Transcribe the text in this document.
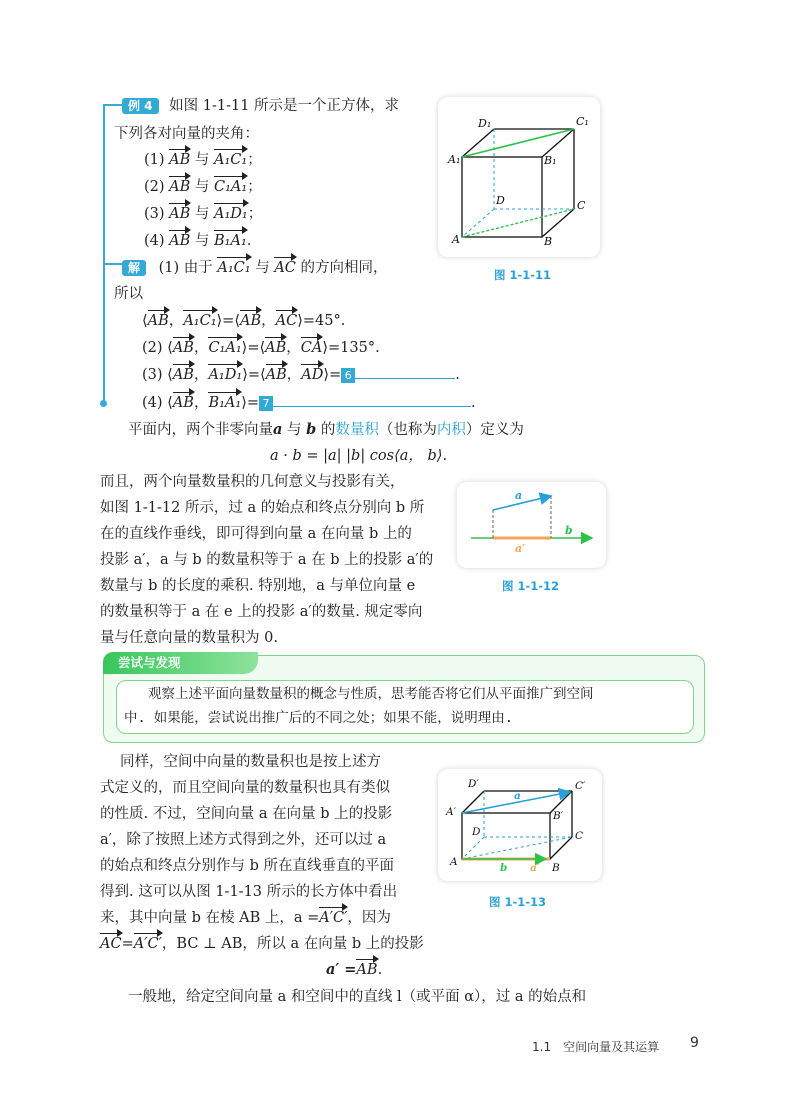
例 4 如图 1-1-11 所示是一个正方体，求
下列各对向量的夹角：
(1) AB 与 A₁C₁；
(2) AB 与 C₁A₁；
(3) AB 与 A₁D₁；
(4) AB 与 B₁A₁.
D₁	C₁
A₁	B₁
D	C
A	B
图 1-1-11
解 (1) 由于 A₁C₁ 与 AC 的方向相同，
所以
⟨AB，A₁C₁⟩=⟨AB，AC⟩=45°.
(2) ⟨AB，C₁A₁⟩=⟨AB，CA⟩=135°.
(3) ⟨AB，A₁D₁⟩=⟨AB，AD⟩= 6	.
(4) ⟨AB，B₁A₁⟩= 7	.
平面内，两个非零向量a 与 b 的数量积（也称为内积）定义为
a · b = |a| |b| cos⟨a， b⟩.
而且，两个向量数量积的几何意义与投影有关，
如图 1-1-12 所示，过 a 的始点和终点分别向 b 所
在的直线作垂线，即可得到向量 a 在向量 b 上的
投影 a′，a 与 b 的数量积等于 a 在 b 上的投影 a′的
数量与 b 的长度的乘积. 特别地，a 与单位向量 e
的数量积等于 a 在 e 上的投影 a′的数量. 规定零向
量与任意向量的数量积为 0.
a
b
a′
图 1-1-12
尝试与发现
观察上述平面向量数量积的概念与性质，思考能否将它们从平面推广到空间
中. 如果能，尝试说出推广后的不同之处；如果不能，说明理由.
同样，空间中向量的数量积也是按上述方
式定义的，而且空间向量的数量积也具有类似
的性质. 不过，空间向量 a 在向量 b 上的投影
a′，除了按照上述方式得到之外，还可以过 a
的始点和终点分别作与 b 所在直线垂直的平面
得到. 这可以从图 1-1-13 所示的长方体中看出
来，其中向量 b 在棱 AB 上，a =A′C′，因为
AC=A′C′，BC ⊥ AB，所以 a 在向量 b 上的投影
a′ =AB.
一般地，给定空间向量 a 和空间中的直线 l（或平面 α），过 a 的始点和
D′	C′
A′	B′
D	C
A	B
a
b a′
图 1-1-13
1.1　空间向量及其运算 9
